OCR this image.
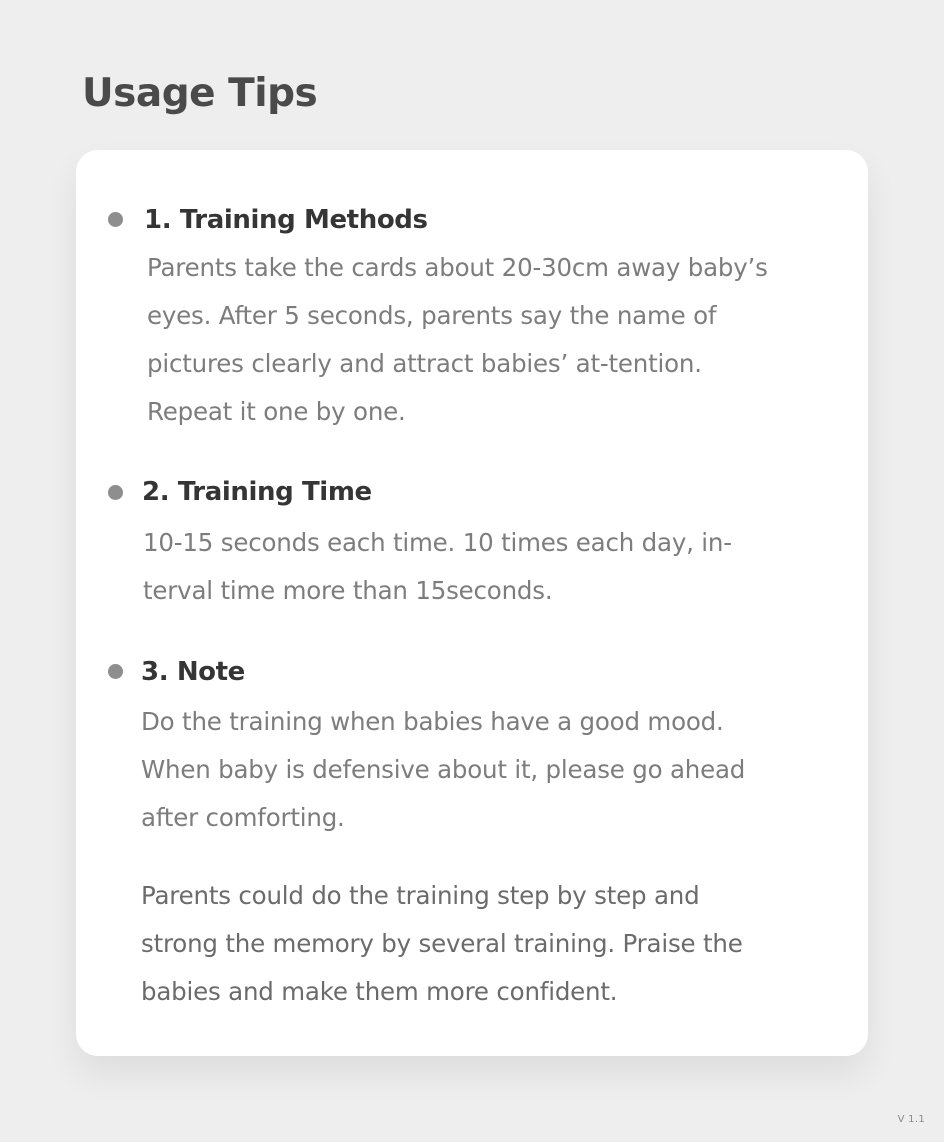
Usage Tips
1. Training Methods

Parents take the cards about 20-30cm away baby’s eyes. After 5 seconds, parents say the name of pictures clearly and attract babies’ at-tention. Repeat it one by one.

2. Training Time

10-15 seconds each time. 10 times each day, in-terval time more than 15seconds.

3. Note

Do the training when babies have a good mood. When baby is defensive about it, please go ahead after comforting.

Parents could do the training step by step and strong the memory by several training. Praise the babies and make them more confident.

V 1.1
